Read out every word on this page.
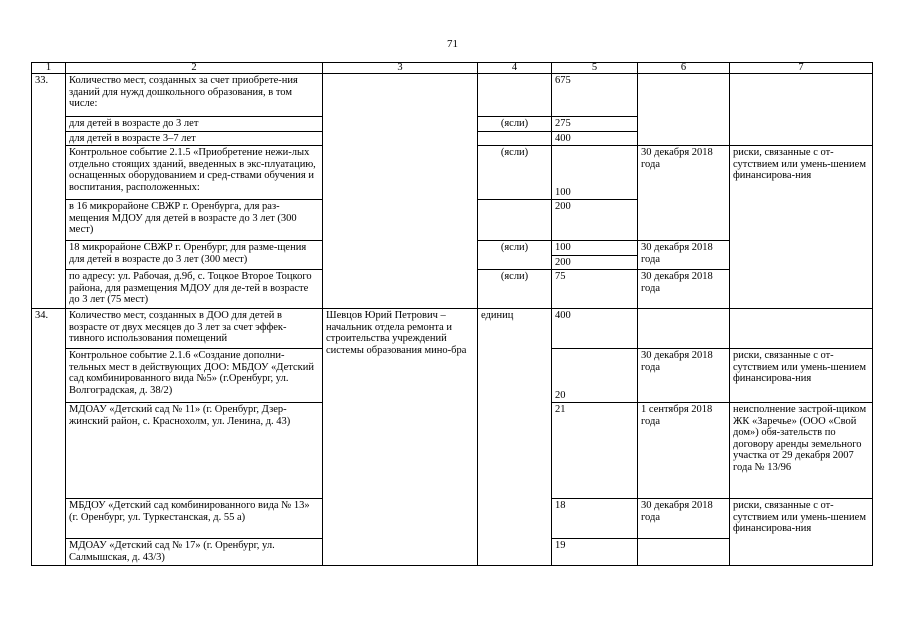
71
1	2	3	4	5	6	7
33.	Количество мест, созданных за счет приобрете-ния зданий для нужд дошкольного образования, в том числе:			675		
	для детей в возрасте до 3 лет		(ясли)	275		
	для детей в возрасте 3–7 лет			400		
	Контрольное событие 2.1.5 «Приобретение нежи-лых отдельно стоящих зданий, введенных в экс-плуатацию, оснащенных оборудованием и сред-ствами обучения и воспитания, расположенных:		(ясли)	100	30 декабря 2018 года	риски, связанные с от-сутствием или умень-шением финансирова-ния
	в 16 микрорайоне СВЖР г. Оренбурга, для раз-мещения МДОУ для детей в возрасте до 3 лет (300 мест)			200		
	18 микрорайоне СВЖР г. Оренбург, для разме-щения для детей в возрасте до 3 лет (300 мест)		(ясли)	100	30 декабря 2018 года	
				200		
	по адресу: ул. Рабочая, д.9б, с. Тоцкое Второе Тоцкого района, для размещения МДОУ для де-тей в возрасте до 3 лет (75 мест)		(ясли)	75	30 декабря 2018 года	

34.	Количество мест, созданных в ДОО для детей в возрасте от двух месяцев до 3 лет за счет эффек-тивного использования помещений	Шевцов Юрий Петрович – начальник отдела ремонта и строительства учреждений системы образования мино-бра	единиц	400		
	Контрольное событие 2.1.6 «Создание дополни-тельных мест в действующих ДОО: МБДОУ «Детский сад комбинированного вида №5» (г.Оренбург, ул. Волгоградская, д. 38/2)			20	30 декабря 2018 года	риски, связанные с от-сутствием или умень-шением финансирова-ния
	МДОАУ «Детский сад № 11» (г. Оренбург, Дзер-жинский район, с. Краснохолм, ул. Ленина, д. 43)			21	1 сентября 2018 года	неисполнение застрой-щиком ЖК «Заречье» (ООО «Свой дом») обя-зательств по договору аренды земельного участка от 29 декабря 2007 года № 13/96
	МБДОУ «Детский сад комбинированного вида № 13» (г. Оренбург, ул. Туркестанская, д. 55 а)			18	30 декабря 2018 года	риски, связанные с от-сутствием или умень-шением финансирова-ния
	МДОАУ «Детский сад № 17» (г. Оренбург, ул. Салмышская, д. 43/3)			19		
